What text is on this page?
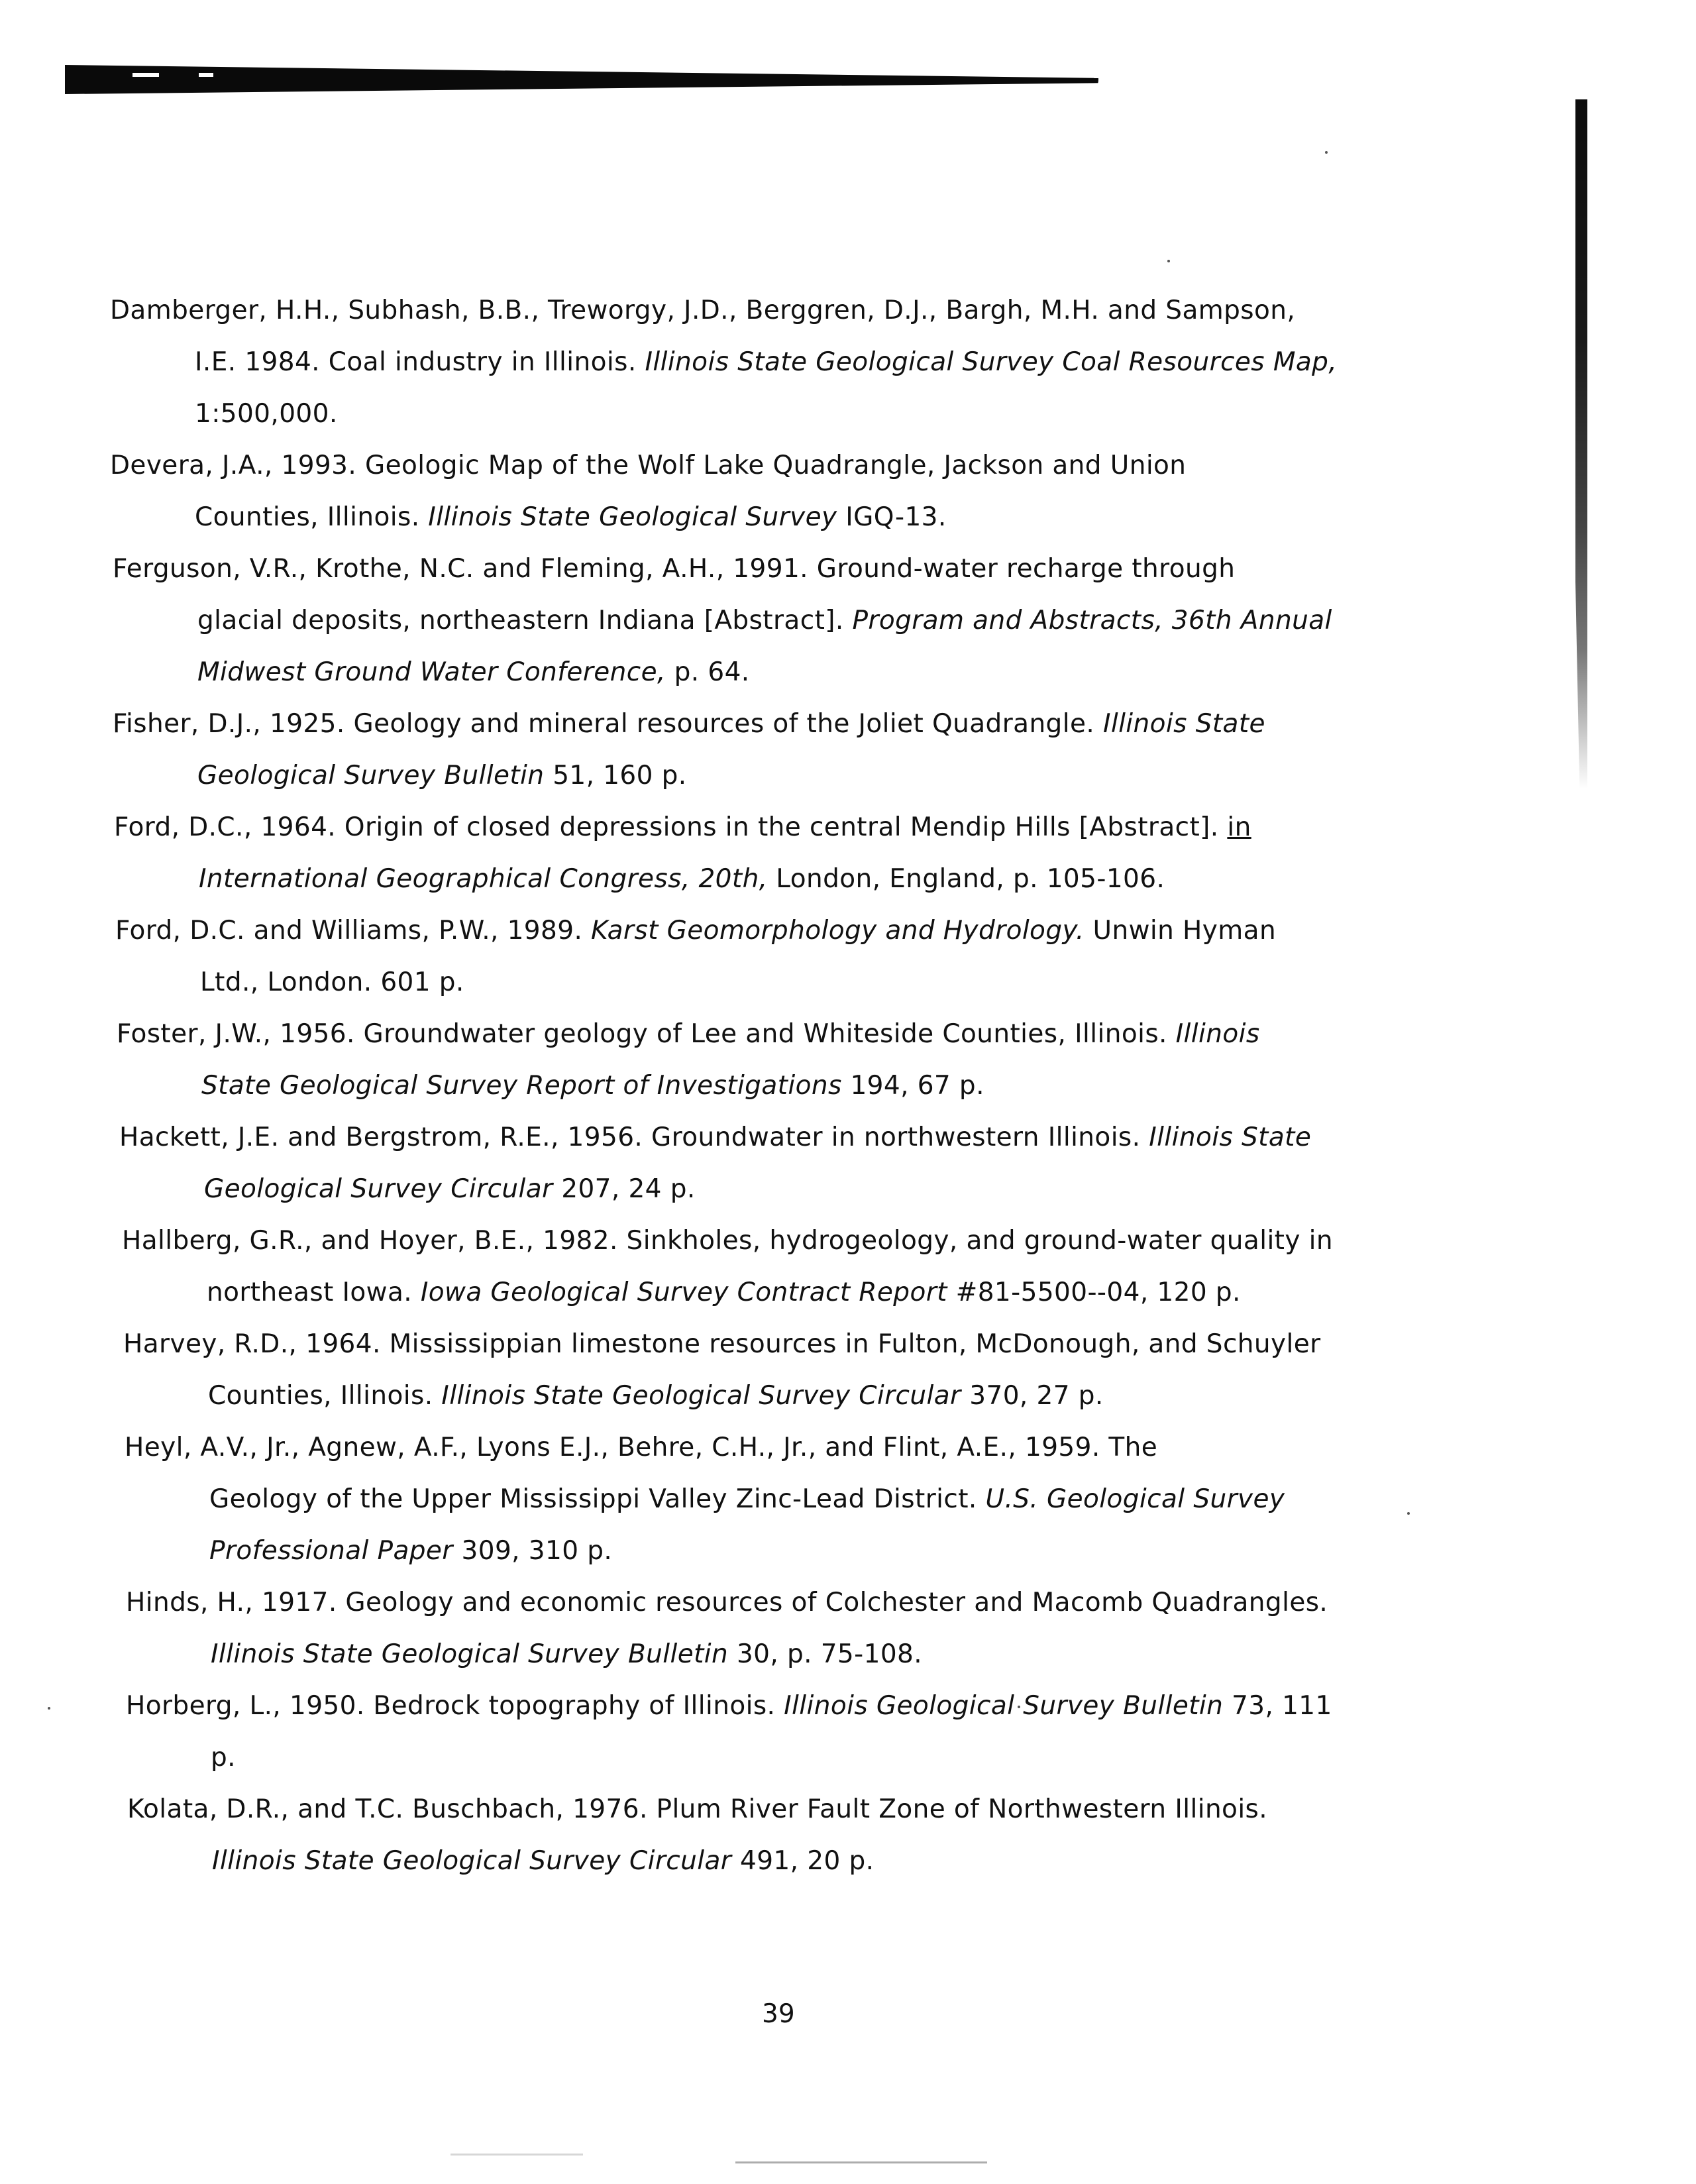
Damberger, H.H., Subhash, B.B., Treworgy, J.D., Berggren, D.J., Bargh, M.H. and Sampson,
I.E. 1984. Coal industry in Illinois. Illinois State Geological Survey Coal Resources Map,
1:500,000.
Devera, J.A., 1993. Geologic Map of the Wolf Lake Quadrangle, Jackson and Union
Counties, Illinois. Illinois State Geological Survey IGQ-13.
Ferguson, V.R., Krothe, N.C. and Fleming, A.H., 1991. Ground-water recharge through
glacial deposits, northeastern Indiana [Abstract]. Program and Abstracts, 36th Annual
Midwest Ground Water Conference, p. 64.
Fisher, D.J., 1925. Geology and mineral resources of the Joliet Quadrangle. Illinois State
Geological Survey Bulletin 51, 160 p.
Ford, D.C., 1964. Origin of closed depressions in the central Mendip Hills [Abstract]. in
International Geographical Congress, 20th, London, England, p. 105-106.
Ford, D.C. and Williams, P.W., 1989. Karst Geomorphology and Hydrology. Unwin Hyman
Ltd., London. 601 p.
Foster, J.W., 1956. Groundwater geology of Lee and Whiteside Counties, Illinois. Illinois
State Geological Survey Report of Investigations 194, 67 p.
Hackett, J.E. and Bergstrom, R.E., 1956. Groundwater in northwestern Illinois. Illinois State
Geological Survey Circular 207, 24 p.
Hallberg, G.R., and Hoyer, B.E., 1982. Sinkholes, hydrogeology, and ground-water quality in
northeast Iowa. Iowa Geological Survey Contract Report #81-5500--04, 120 p.
Harvey, R.D., 1964. Mississippian limestone resources in Fulton, McDonough, and Schuyler
Counties, Illinois. Illinois State Geological Survey Circular 370, 27 p.
Heyl, A.V., Jr., Agnew, A.F., Lyons E.J., Behre, C.H., Jr., and Flint, A.E., 1959. The
Geology of the Upper Mississippi Valley Zinc-Lead District. U.S. Geological Survey
Professional Paper 309, 310 p.
Hinds, H., 1917. Geology and economic resources of Colchester and Macomb Quadrangles.
Illinois State Geological Survey Bulletin 30, p. 75-108.
Horberg, L., 1950. Bedrock topography of Illinois. Illinois Geological Survey Bulletin 73, 111
p.
Kolata, D.R., and T.C. Buschbach, 1976. Plum River Fault Zone of Northwestern Illinois.
Illinois State Geological Survey Circular 491, 20 p.
39
